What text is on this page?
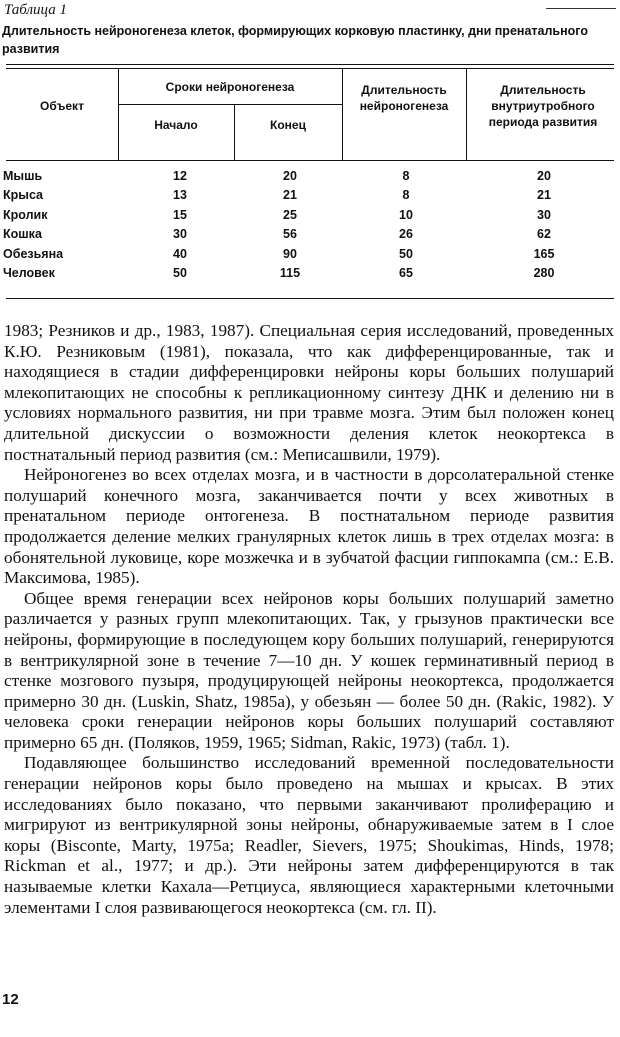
Таблица 1
Длительность нейроногенеза клеток, формирующих корковую пластинку, дни пренатального развития
Объект
Сроки нейроногенеза
Начало	Конец
Длительность нейроногенеза
Длительность внутриутробного периода развития
Мышь	12	20	8	20
Крыса	13	21	8	21
Кролик	15	25	10	30
Кошка	30	56	26	62
Обезьяна	40	90	50	165
Человек	50	115	65	280

1983; Резников и др., 1983, 1987). Специальная серия исследований, проведенных К.Ю. Резниковым (1981), показала, что как дифференцированные, так и находящиеся в стадии дифференцировки нейроны коры больших полушарий млекопитающих не способны к репликационному синтезу ДНК и делению ни в условиях нормального развития, ни при травме мозга. Этим был положен конец длительной дискуссии о возможности деления клеток неокортекса в постнатальный период развития (см.: Меписашвили, 1979).

Нейроногенез во всех отделах мозга, и в частности в дорсолатеральной стенке полушарий конечного мозга, заканчивается почти у всех животных в пренатальном периоде онтогенеза. В постнатальном периоде развития продолжается деление мелких гранулярных клеток лишь в трех отделах мозга: в обонятельной луковице, коре мозжечка и в зубчатой фасции гиппокампа (см.: Е.В. Максимова, 1985).

Общее время генерации всех нейронов коры больших полушарий заметно различается у разных групп млекопитающих. Так, у грызунов практически все нейроны, формирующие в последующем кору больших полушарий, генерируются в вентрикулярной зоне в течение 7—10 дн. У кошек герминативный период в стенке мозгового пузыря, продуцирующей нейроны неокортекса, продолжается примерно 30 дн. (Luskin, Shatz, 1985a), у обезьян — более 50 дн. (Rakic, 1982). У человека сроки генерации нейронов коры больших полушарий составляют примерно 65 дн. (Поляков, 1959, 1965; Sidman, Rakic, 1973) (табл. 1).

Подавляющее большинство исследований временной последовательности генерации нейронов коры было проведено на мышах и крысах. В этих исследованиях было показано, что первыми заканчивают пролиферацию и мигрируют из вентрикулярной зоны нейроны, обнаруживаемые затем в I слое коры (Bisconte, Marty, 1975a; Readler, Sievers, 1975; Shoukimas, Hinds, 1978; Rickman et al., 1977; и др.). Эти нейроны затем дифференцируются в так называемые клетки Кахала—Ретциуса, являющиеся характерными клеточными элементами I слоя развивающегося неокортекса (см. гл. II).

12
